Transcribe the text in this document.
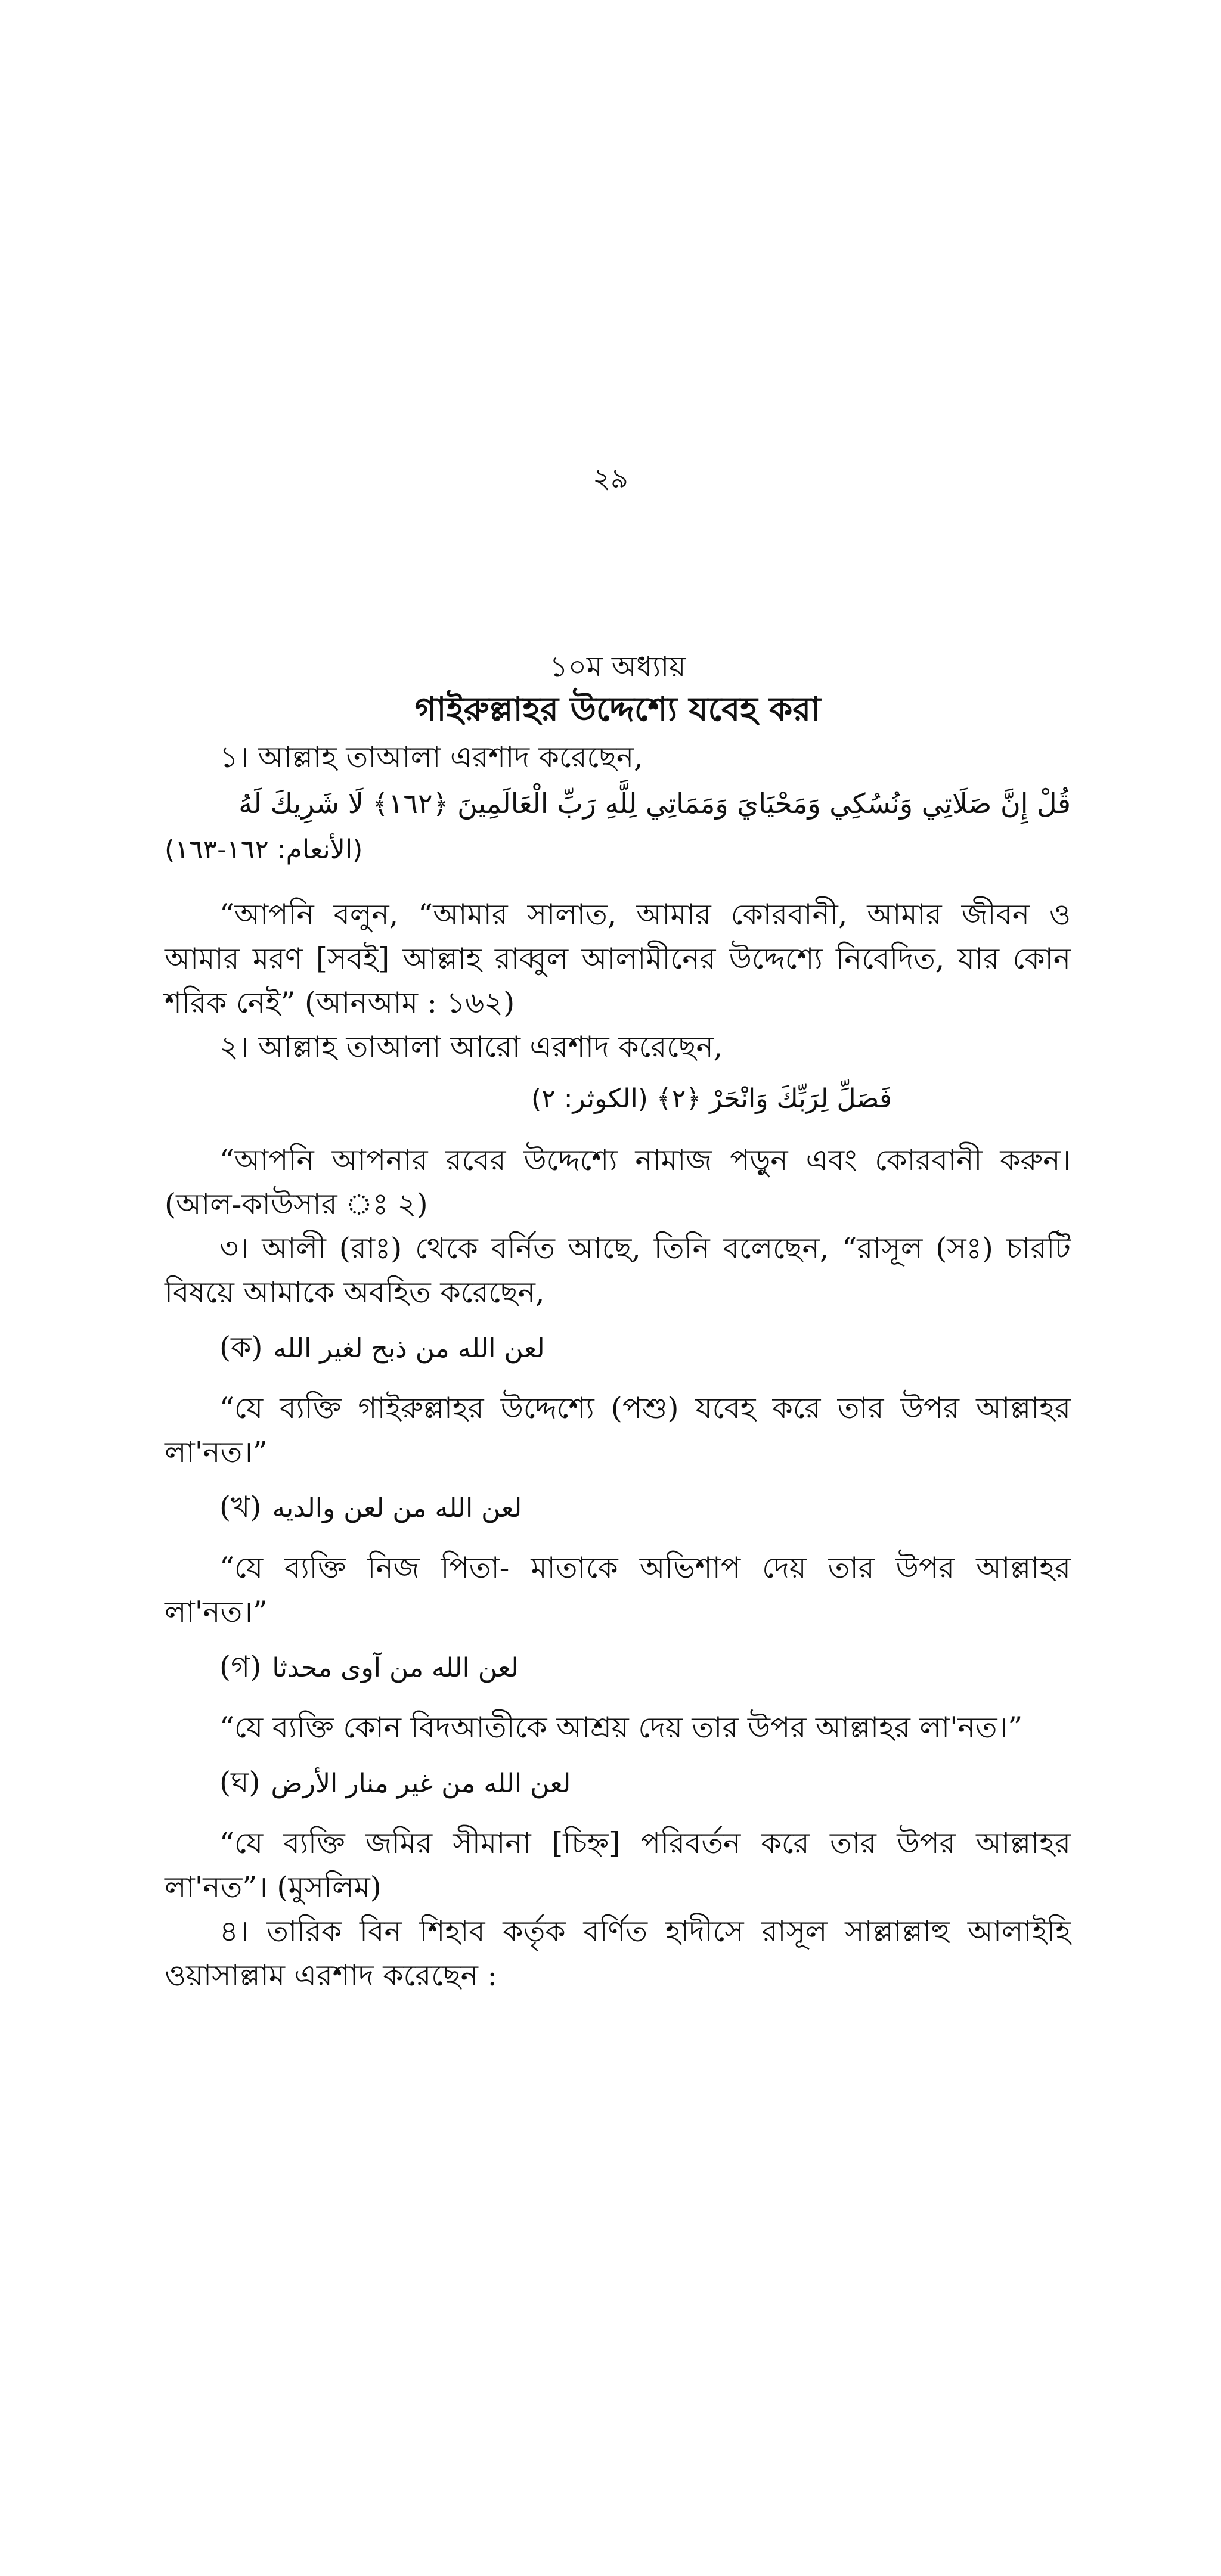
২৯

১০ম অধ্যায়

গাইরুল্লাহর উদ্দেশ্যে যবেহ করা

১। আল্লাহ তাআলা এরশাদ করেছেন,

قُلْ إِنَّ صَلَاتِي وَنُسُكِي وَمَحْيَايَ وَمَمَاتِي لِلَّهِ رَبِّ الْعَالَمِينَ ﴿١٦٢﴾ لَا شَرِيكَ لَهُ

(الأنعام: ١٦٢-١٦٣)

“আপনি বলুন, “আমার সালাত, আমার কোরবানী, আমার জীবন ও আমার মরণ [সবই] আল্লাহ রাব্বুল আলামীনের উদ্দেশ্যে নিবেদিত, যার কোন শরিক নেই” (আনআম : ১৬২)

২। আল্লাহ তাআলা আরো এরশাদ করেছেন,

فَصَلِّ لِرَبِّكَ وَانْحَرْ ﴿٢﴾ (الكوثر: ٢)

“আপনি আপনার রবের উদ্দেশ্যে নামাজ পড়ুন এবং কোরবানী করুন। (আল-কাউসার ঃ ২)

৩। আলী (রাঃ) থেকে বর্নিত আছে, তিনি বলেছেন, “রাসূল (সঃ) চারটি বিষয়ে আমাকে অবহিত করেছেন,

(ক) لعن الله من ذبح لغير الله

“যে ব্যক্তি গাইরুল্লাহর উদ্দেশ্যে (পশু) যবেহ করে তার উপর আল্লাহর লা'নত।”

(খ) لعن الله من لعن والديه

“যে ব্যক্তি নিজ পিতা- মাতাকে অভিশাপ দেয় তার উপর আল্লাহর লা'নত।”

(গ) لعن الله من آوى محدثا

“যে ব্যক্তি কোন বিদআতীকে আশ্রয় দেয় তার উপর আল্লাহর লা'নত।”

(ঘ) لعن الله من غير منار الأرض

“যে ব্যক্তি জমির সীমানা [চিহ্ন] পরিবর্তন করে তার উপর আল্লাহর লা'নত”। (মুসলিম)

৪। তারিক বিন শিহাব কর্তৃক বর্ণিত হাদীসে রাসূল সাল্লাল্লাহু আলাইহি ওয়াসাল্লাম এরশাদ করেছেন :
